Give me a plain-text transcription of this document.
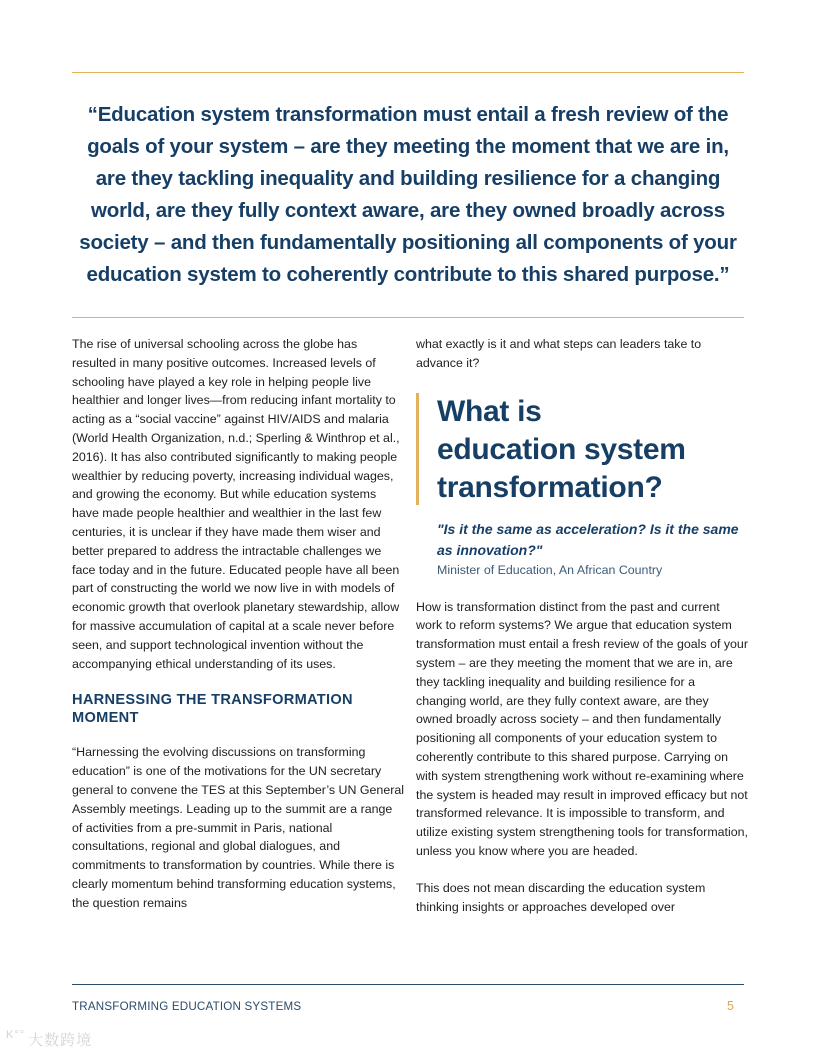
“Education system transformation must entail a fresh review of the
goals of your system – are they meeting the moment that we are in,
are they tackling inequality and building resilience for a changing
world, are they fully context aware, are they owned broadly across
society – and then fundamentally positioning all components of your
education system to coherently contribute to this shared purpose.”

The rise of universal schooling across the globe has resulted in many positive outcomes. Increased levels of schooling have played a key role in helping people live healthier and longer lives—from reducing infant mortality to acting as a “social vaccine” against HIV/AIDS and malaria (World Health Organization, n.d.; Sperling & Winthrop et al., 2016). It has also contributed significantly to making people wealthier by reducing poverty, increasing individual wages, and growing the economy. But while education systems have made people healthier and wealthier in the last few centuries, it is unclear if they have made them wiser and better prepared to address the intractable challenges we face today and in the future. Educated people have all been part of constructing the world we now live in with models of economic growth that overlook planetary stewardship, allow for massive accumulation of capital at a scale never before seen, and support technological invention without the accompanying ethical understanding of its uses.

HARNESSING THE TRANSFORMATION MOMENT

“Harnessing the evolving discussions on transforming education” is one of the motivations for the UN secretary general to convene the TES at this September’s UN General Assembly meetings. Leading up to the summit are a range of activities from a pre-summit in Paris, national consultations, regional and global dialogues, and commitments to transformation by countries. While there is clearly momentum behind transforming education systems, the question remains

what exactly is it and what steps can leaders take to advance it?

What is
education system
transformation?
"Is it the same as acceleration? Is it the same as innovation?"
Minister of Education, An African Country

How is transformation distinct from the past and current work to reform systems? We argue that education system transformation must entail a fresh review of the goals of your system – are they meeting the moment that we are in, are they tackling inequality and building resilience for a changing world, are they fully context aware, are they owned broadly across society – and then fundamentally positioning all components of your education system to coherently contribute to this shared purpose. Carrying on with system strengthening work without re-examining where the system is headed may result in improved efficacy but not transformed relevance. It is impossible to transform, and utilize existing system strengthening tools for transformation, unless you know where you are headed.

This does not mean discarding the education system thinking insights or approaches developed over

TRANSFORMING EDUCATION SYSTEMS	5
$^{K^\circ^\circ}$ 大数跨境
